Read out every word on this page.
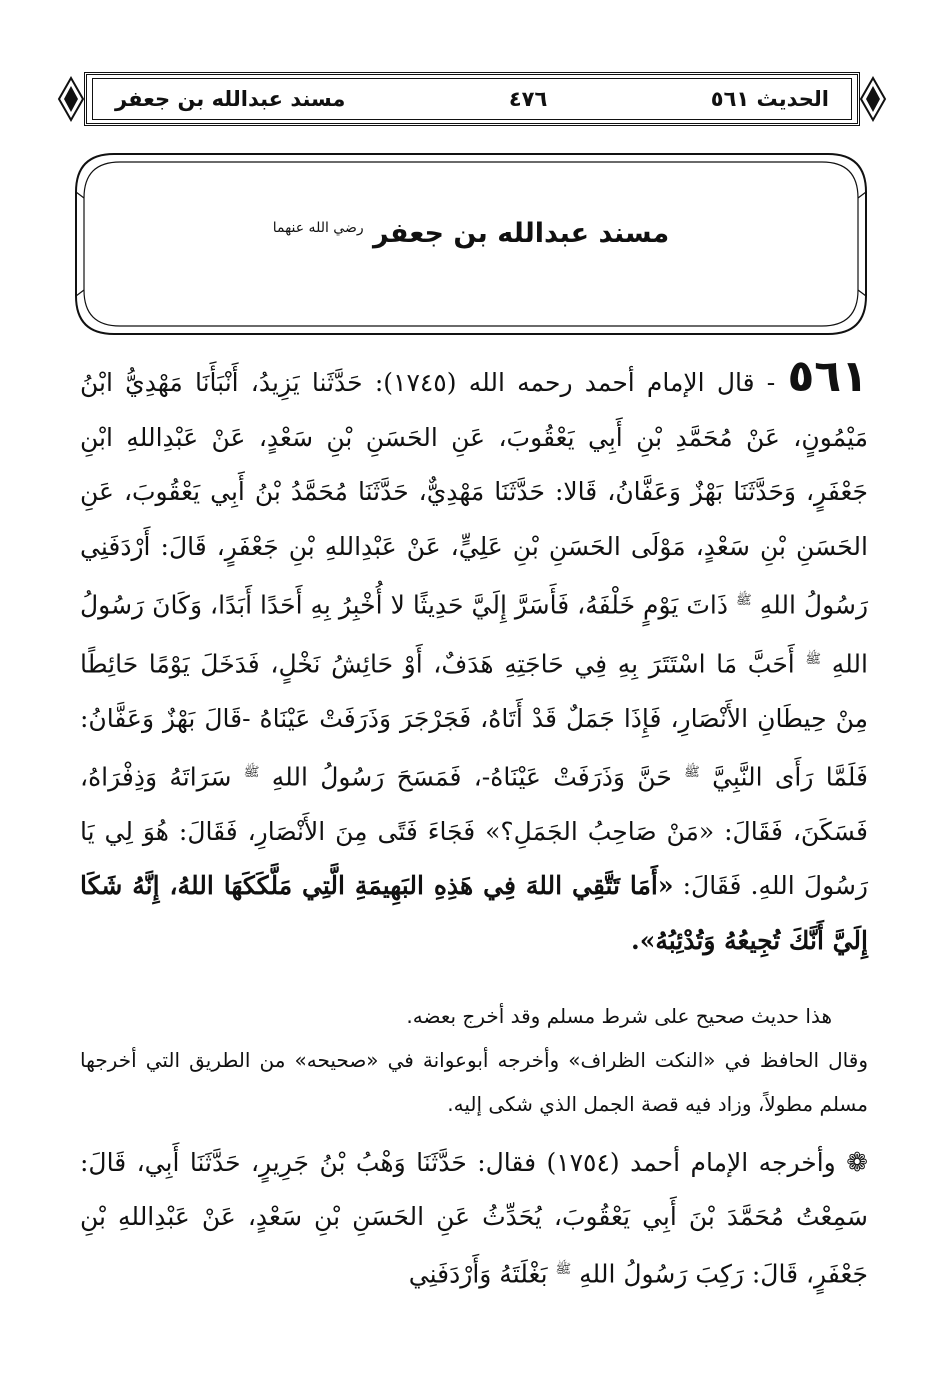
الحديث ٥٦١
٤٧٦
مسند عبدالله بن جعفر
مسند عبدالله بن جعفر $^{رضي الله عنهما}$
٥٦١ - قال الإمام أحمد رحمه الله (١٧٤٥): حَدَّثَنا يَزِيدُ، أَنْبَأَنَا مَهْدِيُّ ابْنُ مَيْمُونٍ، عَنْ مُحَمَّدِ بْنِ أَبِي يَعْقُوبَ، عَنِ الحَسَنِ بْنِ سَعْدٍ، عَنْ عَبْدِاللهِ ابْنِ جَعْفَرٍ، وَحَدَّثَنَا بَهْزٌ وَعَفَّانُ، قَالا: حَدَّثَنَا مَهْدِيٌّ، حَدَّثَنَا مُحَمَّدُ بْنُ أَبِي يَعْقُوبَ، عَنِ الحَسَنِ بْنِ سَعْدٍ، مَوْلَى الحَسَنِ بْنِ عَلِيٍّ، عَنْ عَبْدِاللهِ بْنِ جَعْفَرٍ، قَالَ: أَرْدَفَنِي رَسُولُ اللهِ $^ﷺ$ ذَاتَ يَوْمٍ خَلْفَهُ، فَأَسَرَّ إِلَيَّ حَدِيثًا لا أُخْبِرُ بِهِ أَحَدًا أَبَدًا، وَكَانَ رَسُولُ اللهِ $^ﷺ$ أَحَبَّ مَا اسْتَتَرَ بِهِ فِي حَاجَتِهِ هَدَفٌ، أَوْ حَائِشُ نَخْلٍ، فَدَخَلَ يَوْمًا حَائِطًا مِنْ حِيطَانِ الأَنْصَارِ، فَإِذَا جَمَلٌ قَدْ أَتَاهُ، فَجَرْجَرَ وَذَرَفَتْ عَيْنَاهُ -قَالَ بَهْزٌ وَعَفَّانُ: فَلَمَّا رَأَى النَّبِيَّ $^ﷺ$ حَنَّ وَذَرَفَتْ عَيْنَاهُ-، فَمَسَحَ رَسُولُ اللهِ $^ﷺ$ سَرَاتَهُ وَذِفْرَاهُ، فَسَكَنَ، فَقَالَ: «مَنْ صَاحِبُ الجَمَلِ؟» فَجَاءَ فَتًى مِنَ الأَنْصَارِ، فَقَالَ: هُوَ لِي يَا رَسُولَ اللهِ. فَقَالَ: «أَمَا تَتَّقِي اللهَ فِي هَذِهِ البَهِيمَةِ الَّتِي مَلَّكَكَهَا اللهُ، إِنَّهُ شَكَا إِلَيَّ أَنَّكَ تُجِيعُهُ وَتُدْئِبُهُ».

هذا حديث صحيح على شرط مسلم وقد أخرج بعضه.

وقال الحافظ في «النكت الظراف» وأخرجه أبوعوانة في «صحيحه» من الطريق التي أخرجها مسلم مطولاً، وزاد فيه قصة الجمل الذي شكى إليه.

❁ وأخرجه الإمام أحمد (١٧٥٤) فقال: حَدَّثَنَا وَهْبُ بْنُ جَرِيرٍ، حَدَّثَنَا أَبِي، قَالَ: سَمِعْتُ مُحَمَّدَ بْنَ أَبِي يَعْقُوبَ، يُحَدِّثُ عَنِ الحَسَنِ بْنِ سَعْدٍ، عَنْ عَبْدِاللهِ بْنِ جَعْفَرٍ، قَالَ: رَكِبَ رَسُولُ اللهِ $^ﷺ$ بَغْلَتَهُ وَأَرْدَفَنِي
